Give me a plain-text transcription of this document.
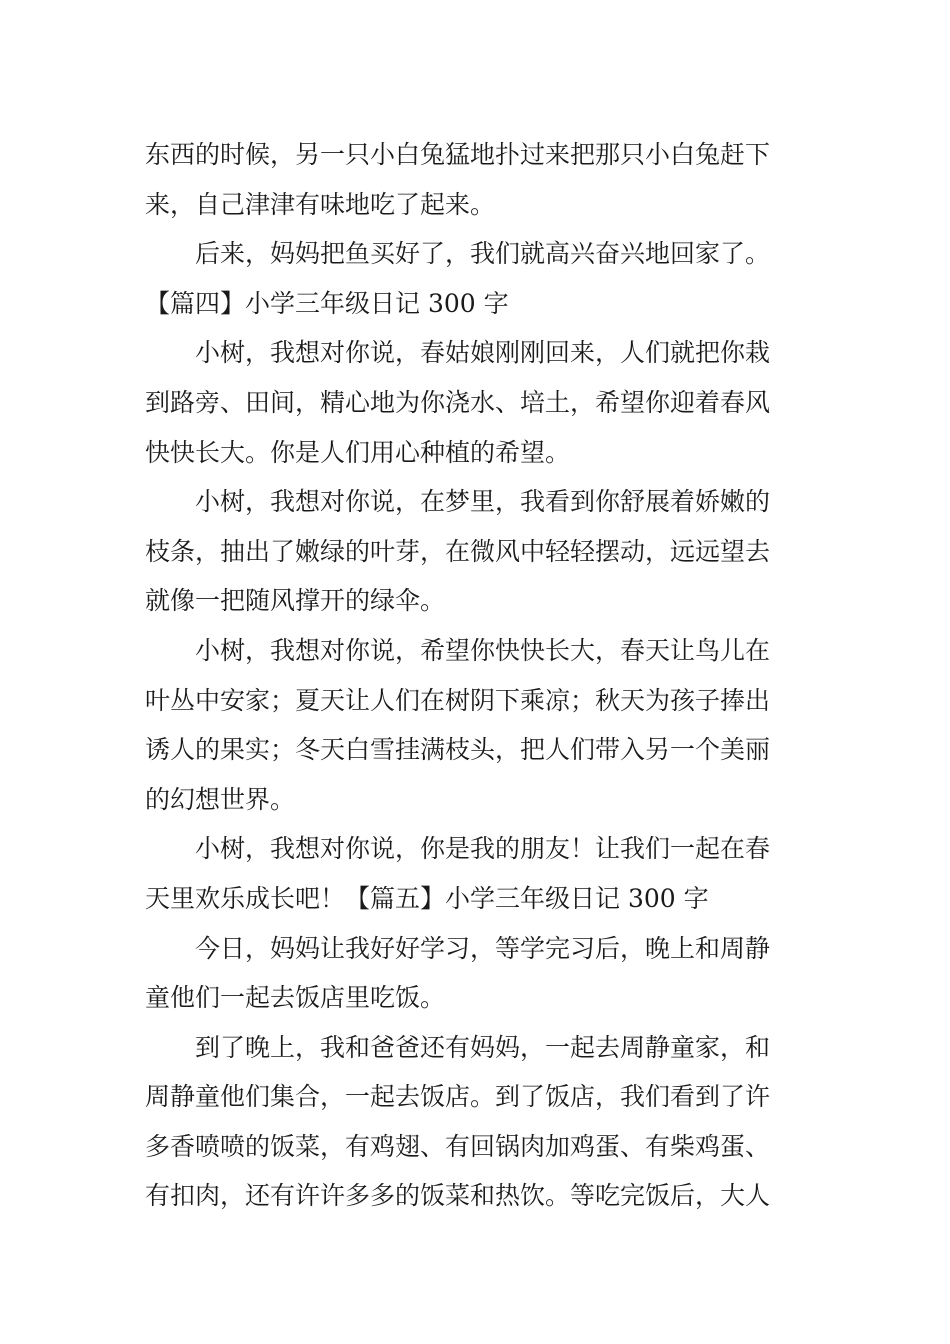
东西的时候，另一只小白兔猛地扑过来把那只小白兔赶下
来，自己津津有味地吃了起来。
　　后来，妈妈把鱼买好了，我们就高兴奋兴地回家了。
【篇四】小学三年级日记 300 字
　　小树，我想对你说，春姑娘刚刚回来，人们就把你栽
到路旁、田间，精心地为你浇水、培土，希望你迎着春风
快快长大。你是人们用心种植的希望。
　　小树，我想对你说，在梦里，我看到你舒展着娇嫩的
枝条，抽出了嫩绿的叶芽，在微风中轻轻摆动，远远望去
就像一把随风撑开的绿伞。
　　小树，我想对你说，希望你快快长大，春天让鸟儿在
叶丛中安家；夏天让人们在树阴下乘凉；秋天为孩子捧出
诱人的果实；冬天白雪挂满枝头，把人们带入另一个美丽
的幻想世界。
　　小树，我想对你说，你是我的朋友！让我们一起在春
天里欢乐成长吧！【篇五】小学三年级日记 300 字
　　今日，妈妈让我好好学习，等学完习后，晚上和周静
童他们一起去饭店里吃饭。
　　到了晚上，我和爸爸还有妈妈，一起去周静童家，和
周静童他们集合，一起去饭店。到了饭店，我们看到了许
多香喷喷的饭菜，有鸡翅、有回锅肉加鸡蛋、有柴鸡蛋、
有扣肉，还有许许多多的饭菜和热饮。等吃完饭后，大人
